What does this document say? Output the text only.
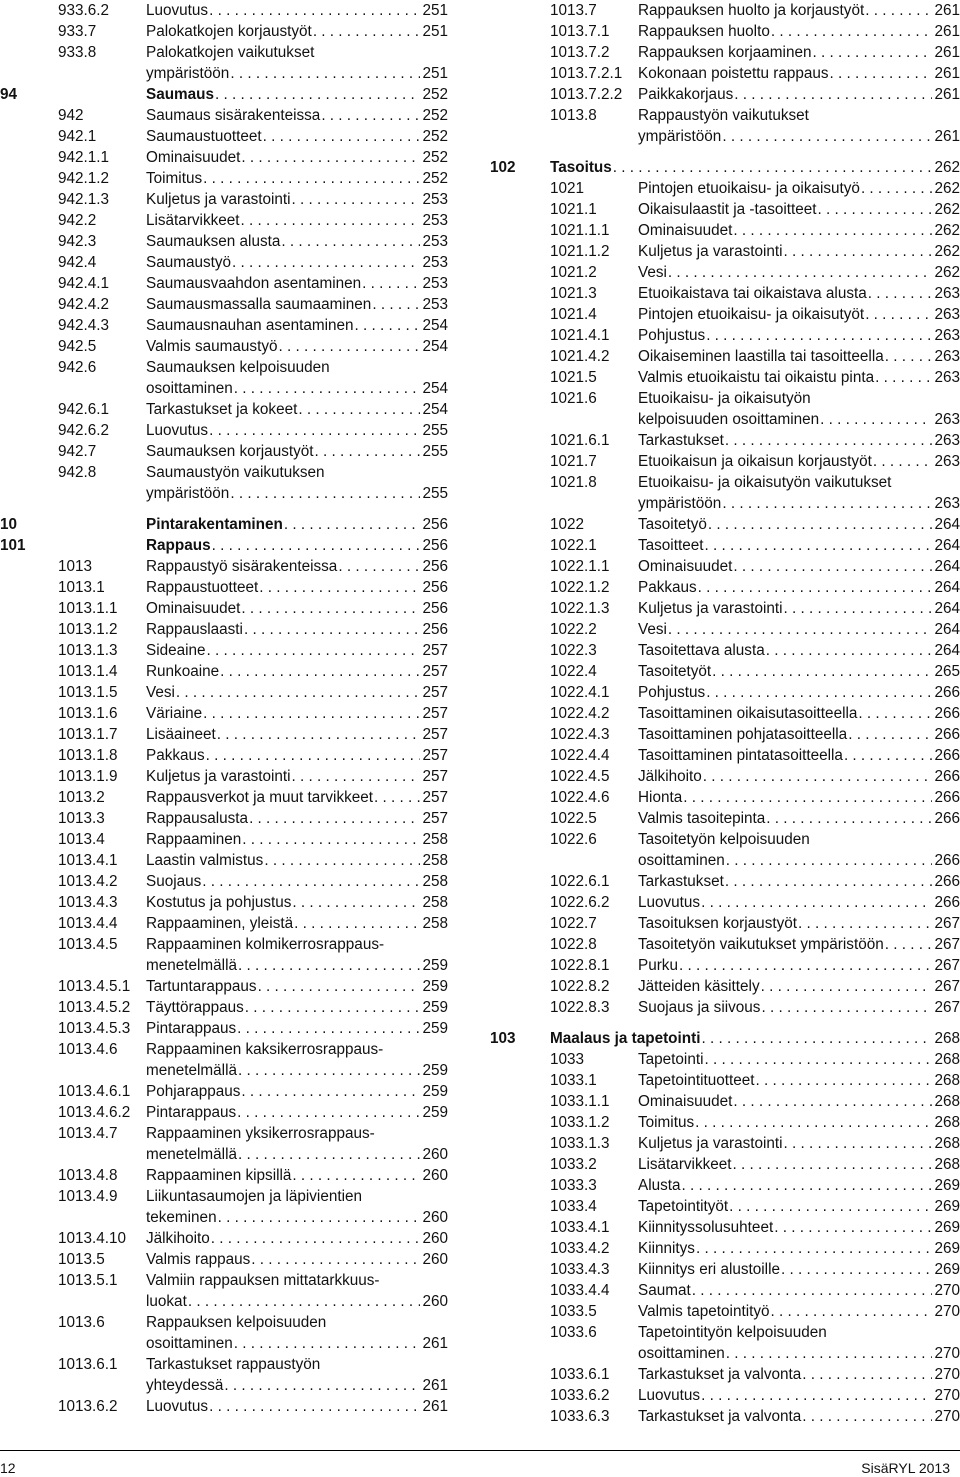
933.6.2 Luovutus . . .	251
933.7	Palokatkojen korjaustyöt . . .	251
933.8	Palokatkojen vaikutukset
ympäristöön . . .	251
94	Saumaus . . .	252
942	Saumaus sisärakenteissa . . .	252
942.1	Saumaustuotteet . . .	252
942.1.1 Ominaisuudet . . .	252
942.1.2 Toimitus . . .	252
942.1.3 Kuljetus ja varastointi . . .	253
942.2	Lisätarvikkeet . . .	253
942.3	Saumauksen alusta . . .	253
942.4	Saumaustyö . . .	253
942.4.1 Saumausvaahdon asentaminen . . .	253
942.4.2 Saumausmassalla saumaaminen . . .	253
942.4.3 Saumausnauhan asentaminen . . .	254
942.5	Valmis saumaustyö . . .	254
942.6	Saumauksen kelpoisuuden
osoittaminen . . .	254
942.6.1 Tarkastukset ja kokeet . . .	254
942.6.2 Luovutus . . .	255
942.7	Saumauksen korjaustyöt . . .	255
942.8	Saumaustyön vaikutuksen
ympäristöön . . .	255
10	Pintarakentaminen . . .	256
101	Rappaus . . .	256
1013	Rappaustyö sisärakenteissa . . .	256
1013.1	Rappaustuotteet . . .	256
1013.1.1 Ominaisuudet . . .	256
1013.1.2 Rappauslaasti . . .	256
1013.1.3 Sideaine . . .	257
1013.1.4 Runkoaine . . .	257
1013.1.5 Vesi . . .	257
1013.1.6 Väriaine . . .	257
1013.1.7 Lisäaineet . . .	257
1013.1.8 Pakkaus . . .	257
1013.1.9 Kuljetus ja varastointi . . .	257
1013.2	Rappausverkot ja muut tarvikkeet . . .	257
1013.3	Rappausalusta . . .	257
1013.4	Rappaaminen . . .	258
1013.4.1 Laastin valmistus . . .	258
1013.4.2 Suojaus . . .	258
1013.4.3 Kostutus ja pohjustus . . .	258
1013.4.4 Rappaaminen, yleistä . . .	258
1013.4.5 Rappaaminen kolmikerrosrappaus-
menetelmällä . . .	259
1013.4.5.1 Tartuntarappaus . . .	259
1013.4.5.2 Täyttörappaus . . .	259
1013.4.5.3 Pintarappaus . . .	259
1013.4.6 Rappaaminen kaksikerrosrappaus-
menetelmällä . . .	259
1013.4.6.1 Pohjarappaus . . .	259
1013.4.6.2 Pintarappaus . . .	259
1013.4.7 Rappaaminen yksikerrosrappaus-
menetelmällä . . .	260
1013.4.8 Rappaaminen kipsillä . . .	260
1013.4.9 Liikuntasaumojen ja läpivientien
tekeminen . . .	260
1013.4.10 Jälkihoito . . .	260
1013.5	Valmis rappaus . . .	260
1013.5.1 Valmiin rappauksen mittatarkkuus-
luokat . . .	260
1013.6	Rappauksen kelpoisuuden
osoittaminen . . .	261
1013.6.1 Tarkastukset rappaustyön
yhteydessä . . .	261
1013.6.2 Luovutus . . .	261
1013.7	Rappauksen huolto ja korjaustyöt . . .	261
1013.7.1 Rappauksen huolto . . .	261
1013.7.2 Rappauksen korjaaminen . . .	261
1013.7.2.1 Kokonaan poistettu rappaus . . .	261
1013.7.2.2 Paikkakorjaus . . .	261
1013.8	Rappaustyön vaikutukset
ympäristöön . . .	261
102 Tasoitus . . .	262
1021	Pintojen etuoikaisu- ja oikaisutyö . . .	262
1021.1	Oikaisulaastit ja -tasoitteet . . .	262
1021.1.1 Ominaisuudet . . .	262
1021.1.2 Kuljetus ja varastointi . . .	262
1021.2	Vesi . . .	262
1021.3	Etuoikaistava tai oikaistava alusta . . .	263
1021.4	Pintojen etuoikaisu- ja oikaisutyöt . . .	263
1021.4.1 Pohjustus . . .	263
1021.4.2 Oikaiseminen laastilla tai tasoitteella . . .	263
1021.5	Valmis etuoikaistu tai oikaistu pinta . . .	263
1021.6	Etuoikaisu- ja oikaisutyön
kelpoisuuden osoittaminen . . .	263
1021.6.1 Tarkastukset . . .	263
1021.7	Etuoikaisun ja oikaisun korjaustyöt . . .	263
1021.8	Etuoikaisu- ja oikaisutyön vaikutukset
ympäristöön . . .	263
1022	Tasoitetyö . . .	264
1022.1	Tasoitteet . . .	264
1022.1.1 Ominaisuudet . . .	264
1022.1.2 Pakkaus . . .	264
1022.1.3 Kuljetus ja varastointi . . .	264
1022.2	Vesi . . .	264
1022.3	Tasoitettava alusta . . .	264
1022.4	Tasoitetyöt . . .	265
1022.4.1 Pohjustus . . .	266
1022.4.2 Tasoittaminen oikaisutasoitteella . . .	266
1022.4.3 Tasoittaminen pohjatasoitteella . . .	266
1022.4.4 Tasoittaminen pintatasoitteella . . .	266
1022.4.5 Jälkihoito . . .	266
1022.4.6 Hionta . . .	266
1022.5	Valmis tasoitepinta . . .	266
1022.6	Tasoitetyön kelpoisuuden
osoittaminen . . .	266
1022.6.1 Tarkastukset . . .	266
1022.6.2 Luovutus . . .	266
1022.7	Tasoituksen korjaustyöt . . .	267
1022.8	Tasoitetyön vaikutukset ympäristöön . . .	267
1022.8.1 Purku . . .	267
1022.8.2 Jätteiden käsittely . . .	267
1022.8.3 Suojaus ja siivous . . .	267
103 Maalaus ja tapetointi . . .	268
1033	Tapetointi . . .	268
1033.1	Tapetointituotteet . . .	268
1033.1.1 Ominaisuudet . . .	268
1033.1.2 Toimitus . . .	268
1033.1.3 Kuljetus ja varastointi . . .	268
1033.2	Lisätarvikkeet . . .	268
1033.3	Alusta . . .	269
1033.4	Tapetointityöt . . .	269
1033.4.1 Kiinnityssolusuhteet . . .	269
1033.4.2 Kiinnitys . . .	269
1033.4.3 Kiinnitys eri alustoille . . .	269
1033.4.4 Saumat . . .	270
1033.5	Valmis tapetointityö . . .	270
1033.6	Tapetointityön kelpoisuuden
osoittaminen . . .	270
1033.6.1 Tarkastukset ja valvonta . . .	270
1033.6.2 Luovutus . . .	270
1033.6.3 Tarkastukset ja valvonta . . .	270
12	SisäRYL 2013
